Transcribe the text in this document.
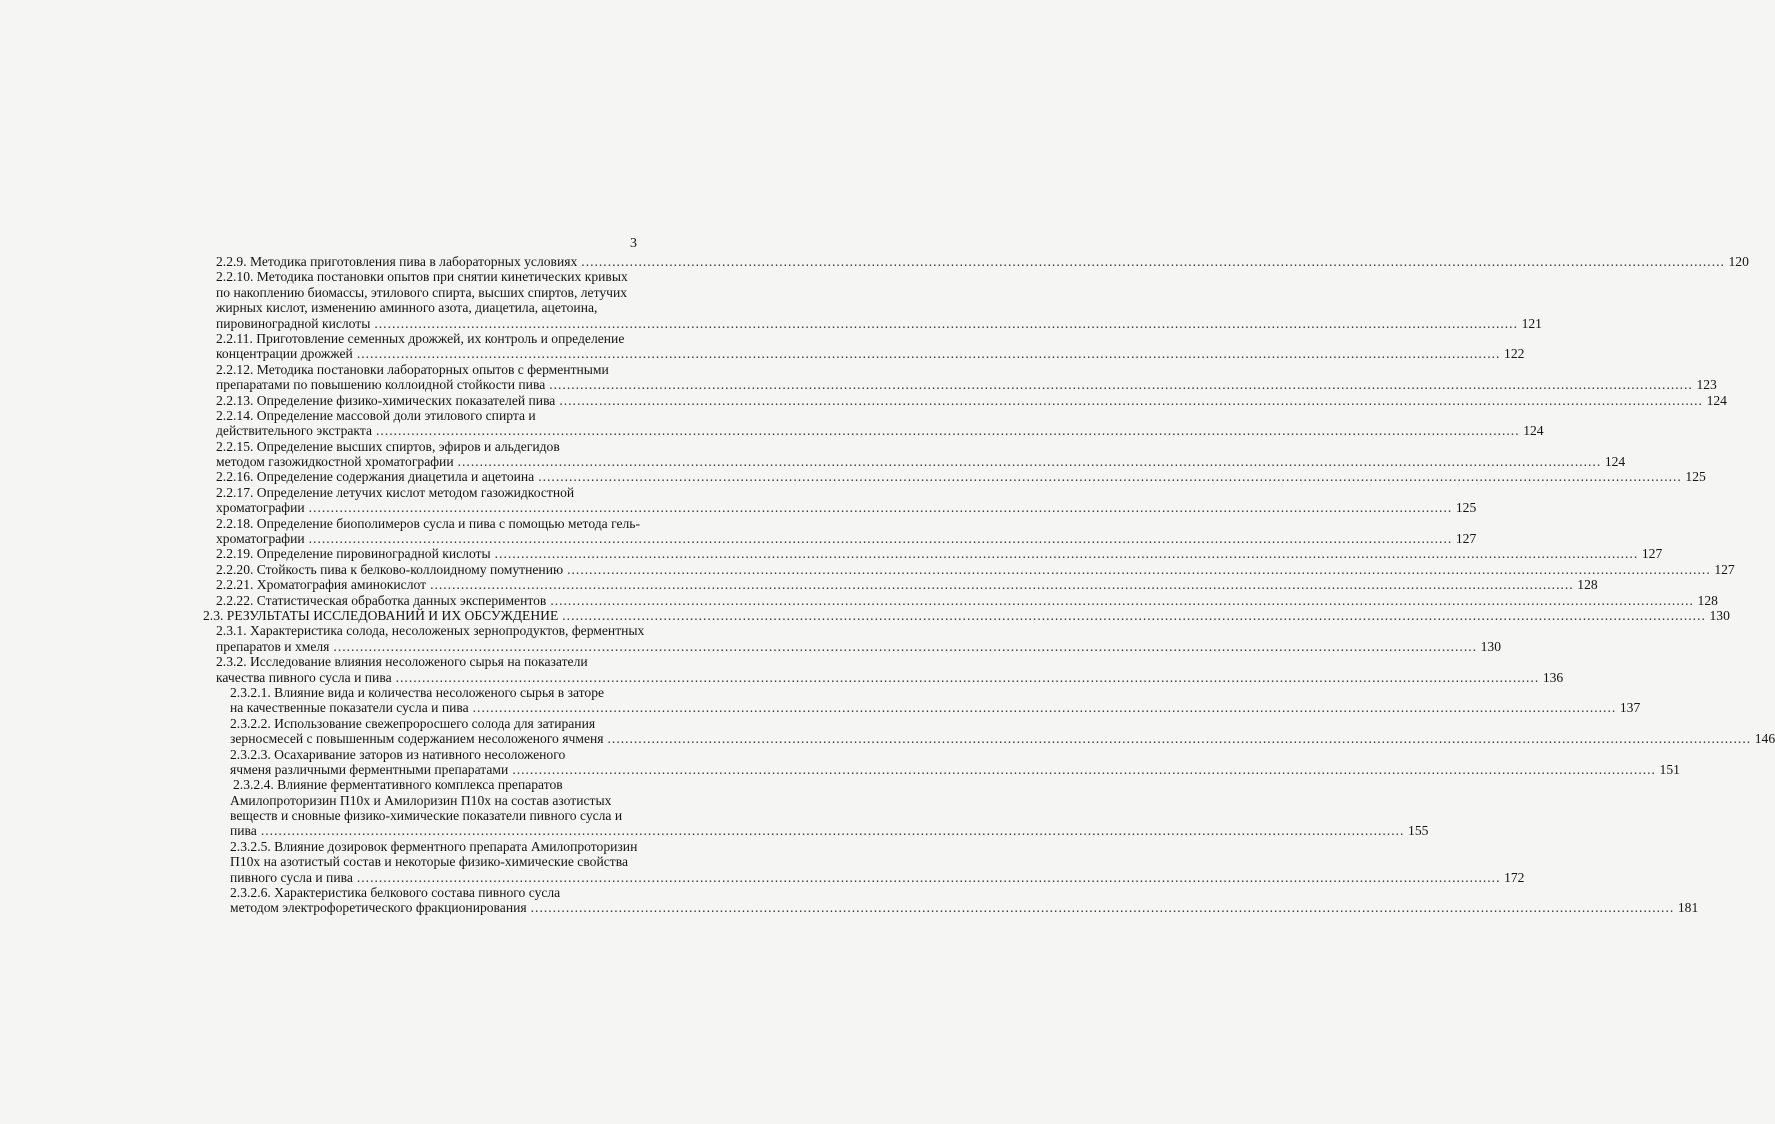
3
2.2.9. Методика приготовления пива в лабораторных условиях .................................................................................................................................................................................................................................................................... 120
2.2.10. Методика постановки опытов при снятии кинетических кривых
по накоплению биомассы, этилового спирта, высших спиртов, летучих
жирных кислот, изменению аминного азота, диацетила, ацетоина,
пировиноградной кислоты .................................................................................................................................................................................................................................................................... 121
2.2.11. Приготовление семенных дрожжей, их контроль и определение
концентрации дрожжей .................................................................................................................................................................................................................................................................... 122
2.2.12. Методика постановки лабораторных опытов с ферментными
препаратами по повышению коллоидной стойкости пива .................................................................................................................................................................................................................................................................... 123
2.2.13. Определение физико-химических показателей пива .................................................................................................................................................................................................................................................................... 124
2.2.14. Определение массовой доли этилового спирта и
действительного экстракта .................................................................................................................................................................................................................................................................... 124
2.2.15. Определение высших спиртов, эфиров и альдегидов
методом газожидкостной хроматографии .................................................................................................................................................................................................................................................................... 124
2.2.16. Определение содержания диацетила и ацетоина .................................................................................................................................................................................................................................................................... 125
2.2.17. Определение летучих кислот методом газожидкостной
хроматографии .................................................................................................................................................................................................................................................................... 125
2.2.18. Определение биополимеров сусла и пива с помощью метода гель-
хроматографии .................................................................................................................................................................................................................................................................... 127
2.2.19. Определение пировиноградной кислоты .................................................................................................................................................................................................................................................................... 127
2.2.20. Стойкость пива к белково-коллоидному помутнению .................................................................................................................................................................................................................................................................... 127
2.2.21. Хроматография аминокислот .................................................................................................................................................................................................................................................................... 128
2.2.22. Статистическая обработка данных экспериментов .................................................................................................................................................................................................................................................................... 128
2.3. РЕЗУЛЬТАТЫ ИССЛЕДОВАНИЙ И ИХ ОБСУЖДЕНИЕ .................................................................................................................................................................................................................................................................... 130
2.3.1. Характеристика солода, несоложеных зернопродуктов, ферментных
препаратов и хмеля .................................................................................................................................................................................................................................................................... 130
2.3.2. Исследование влияния несоложеного сырья на показатели
качества пивного сусла и пива .................................................................................................................................................................................................................................................................... 136
2.3.2.1. Влияние вида и количества несоложеного сырья в заторе
на качественные показатели сусла и пива .................................................................................................................................................................................................................................................................... 137
2.3.2.2. Использование свежепроросшего солода для затирания
зерносмесей с повышенным содержанием несоложеного ячменя .................................................................................................................................................................................................................................................................... 146
2.3.2.3. Осахаривание заторов из нативного несоложеного
ячменя различными ферментными препаратами .................................................................................................................................................................................................................................................................... 151
2.3.2.4. Влияние ферментативного комплекса препаратов
Амилопроторизин П10х и Амилоризин П10х на состав азотистых
веществ и сновные физико-химические показатели пивного сусла и
пива .................................................................................................................................................................................................................................................................... 155
2.3.2.5. Влияние дозировок ферментного препарата Амилопроторизин
П10х на азотистый состав и некоторые физико-химические свойства
пивного сусла и пива .................................................................................................................................................................................................................................................................... 172
2.3.2.6. Характеристика белкового состава пивного сусла
методом электрофоретического фракционирования .................................................................................................................................................................................................................................................................... 181
